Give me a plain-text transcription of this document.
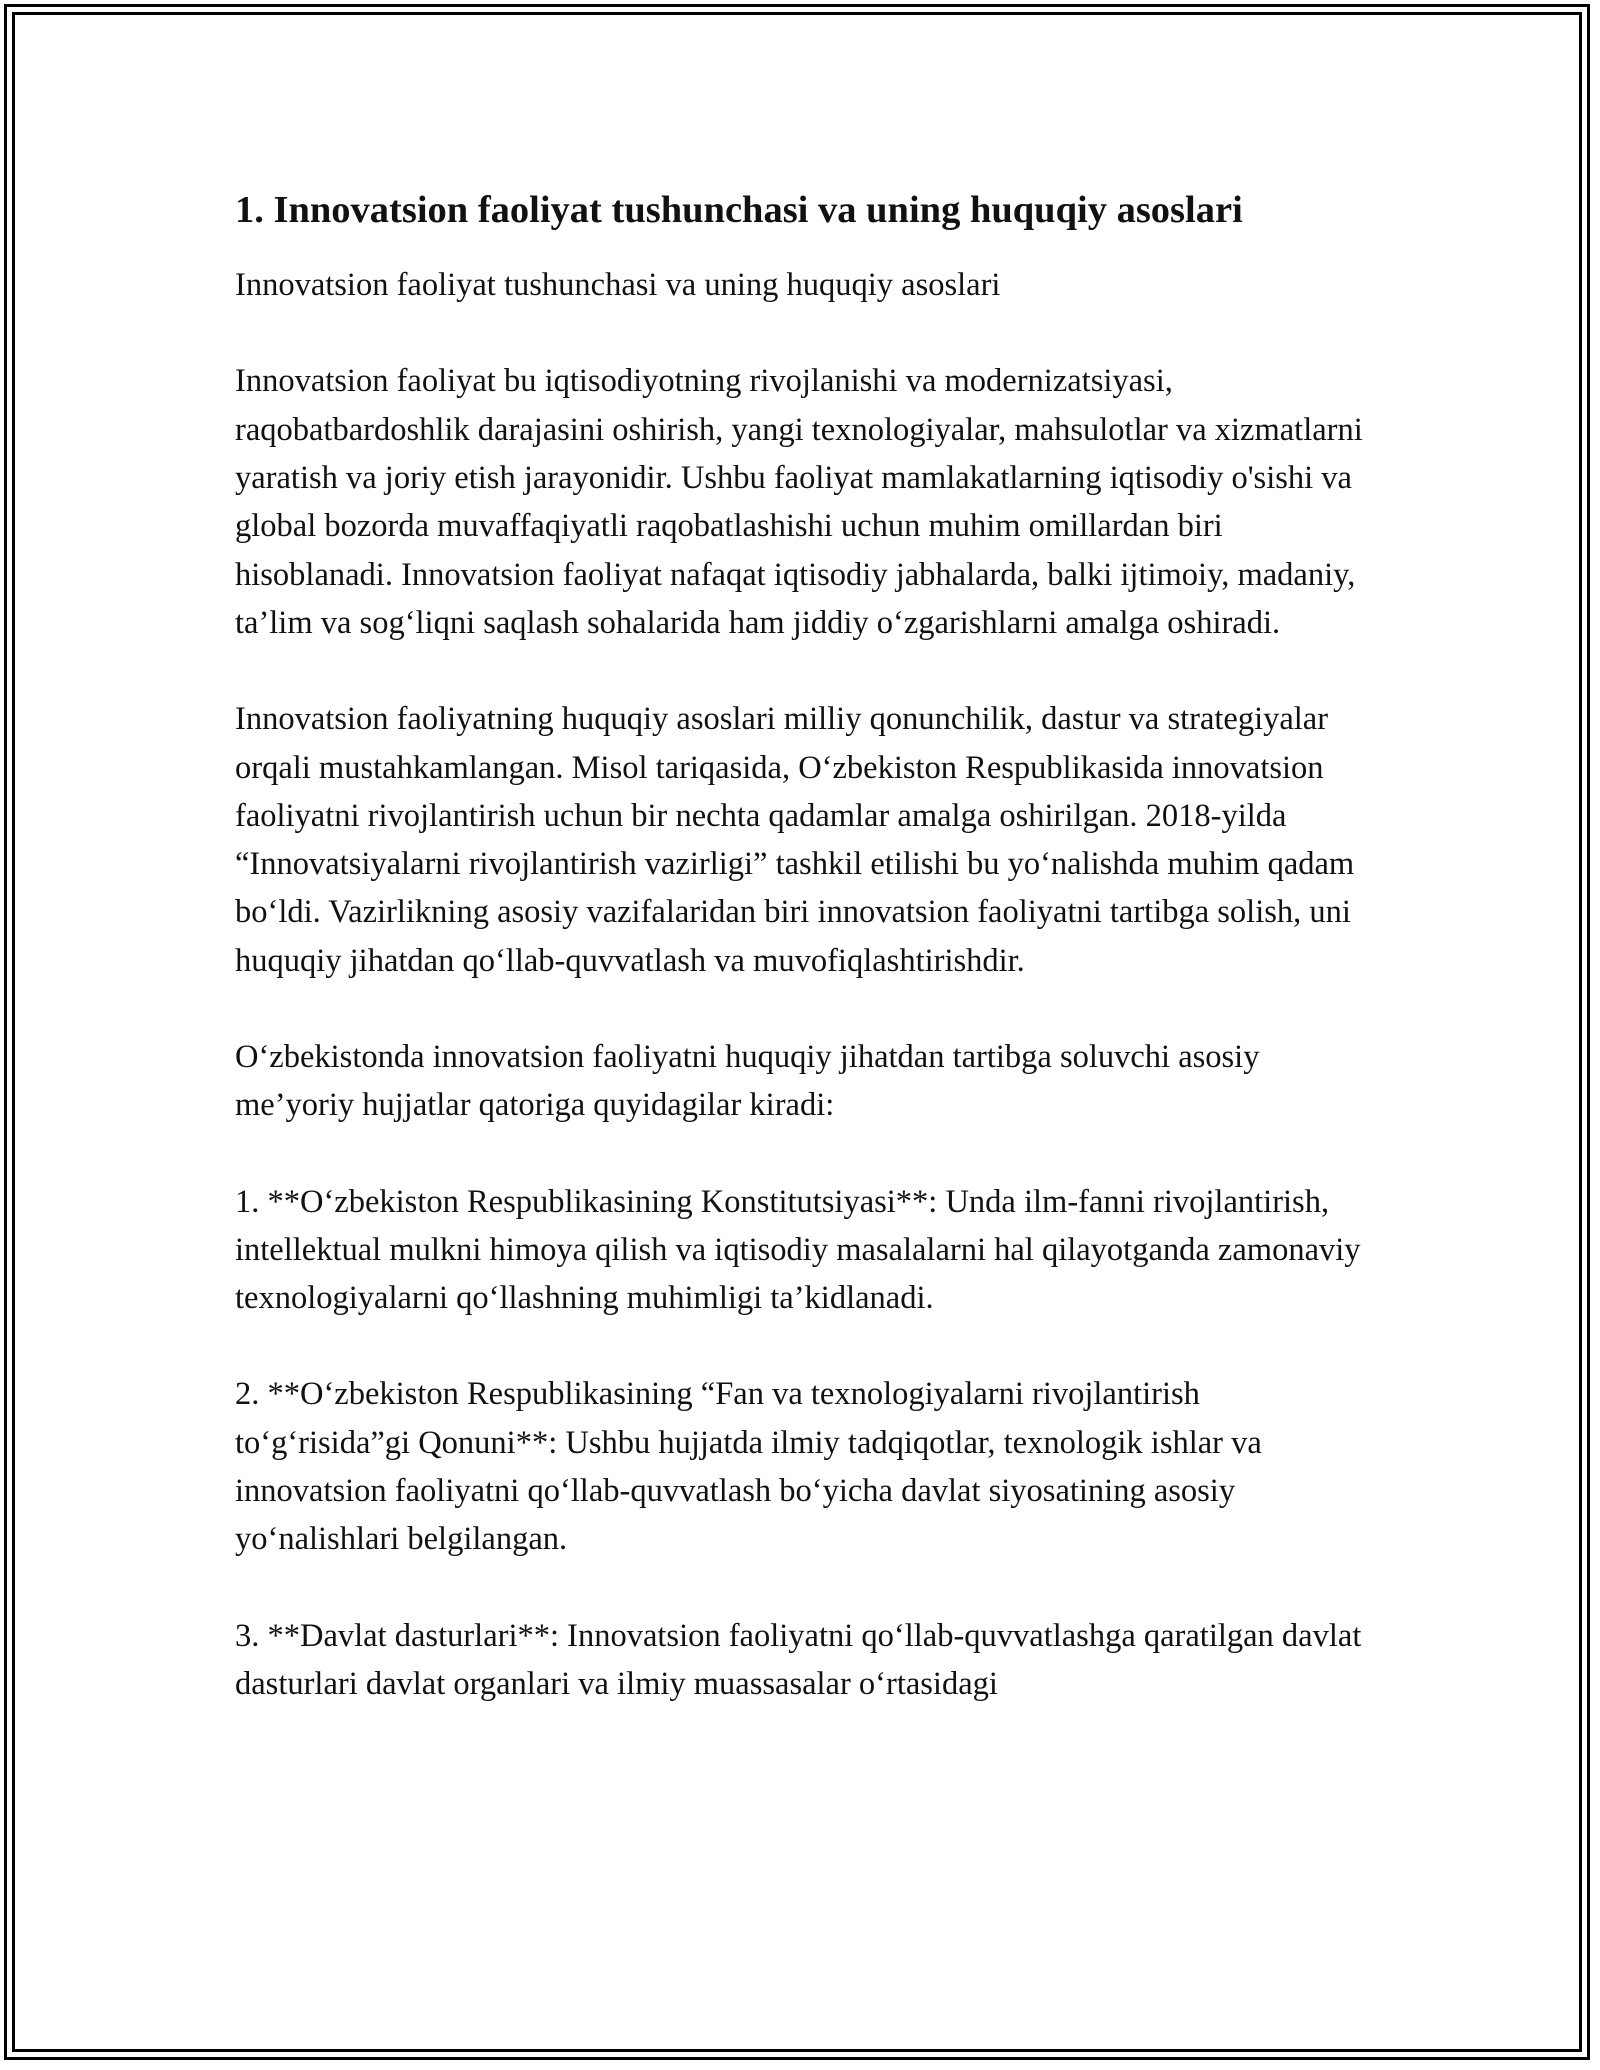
1. Innovatsion faoliyat tushunchasi va uning huquqiy asoslari

Innovatsion faoliyat tushunchasi va uning huquqiy asoslari

Innovatsion faoliyat bu iqtisodiyotning rivojlanishi va modernizatsiyasi, raqobatbardoshlik darajasini oshirish, yangi texnologiyalar, mahsulotlar va xizmatlarni yaratish va joriy etish jarayonidir. Ushbu faoliyat mamlakatlarning iqtisodiy o'sishi va global bozorda muvaffaqiyatli raqobatlashishi uchun muhim omillardan biri hisoblanadi. Innovatsion faoliyat nafaqat iqtisodiy jabhalarda, balki ijtimoiy, madaniy, ta’lim va sog‘liqni saqlash sohalarida ham jiddiy o‘zgarishlarni amalga oshiradi.

Innovatsion faoliyatning huquqiy asoslari milliy qonunchilik, dastur va strategiyalar orqali mustahkamlangan. Misol tariqasida, O‘zbekiston Respublikasida innovatsion faoliyatni rivojlantirish uchun bir nechta qadamlar amalga oshirilgan. 2018-yilda “Innovatsiyalarni rivojlantirish vazirligi” tashkil etilishi bu yo‘nalishda muhim qadam bo‘ldi. Vazirlikning asosiy vazifalaridan biri innovatsion faoliyatni tartibga solish, uni huquqiy jihatdan qo‘llab-quvvatlash va muvofiqlashtirishdir.

O‘zbekistonda innovatsion faoliyatni huquqiy jihatdan tartibga soluvchi asosiy me’yoriy hujjatlar qatoriga quyidagilar kiradi:

1. **O‘zbekiston Respublikasining Konstitutsiyasi**: Unda ilm-fanni rivojlantirish, intellektual mulkni himoya qilish va iqtisodiy masalalarni hal qilayotganda zamonaviy texnologiyalarni qo‘llashning muhimligi ta’kidlanadi.

2. **O‘zbekiston Respublikasining “Fan va texnologiyalarni rivojlantirish to‘g‘risida”gi Qonuni**: Ushbu hujjatda ilmiy tadqiqotlar, texnologik ishlar va innovatsion faoliyatni qo‘llab-quvvatlash bo‘yicha davlat siyosatining asosiy yo‘nalishlari belgilangan.

3. **Davlat dasturlari**: Innovatsion faoliyatni qo‘llab-quvvatlashga qaratilgan davlat dasturlari davlat organlari va ilmiy muassasalar o‘rtasidagi
